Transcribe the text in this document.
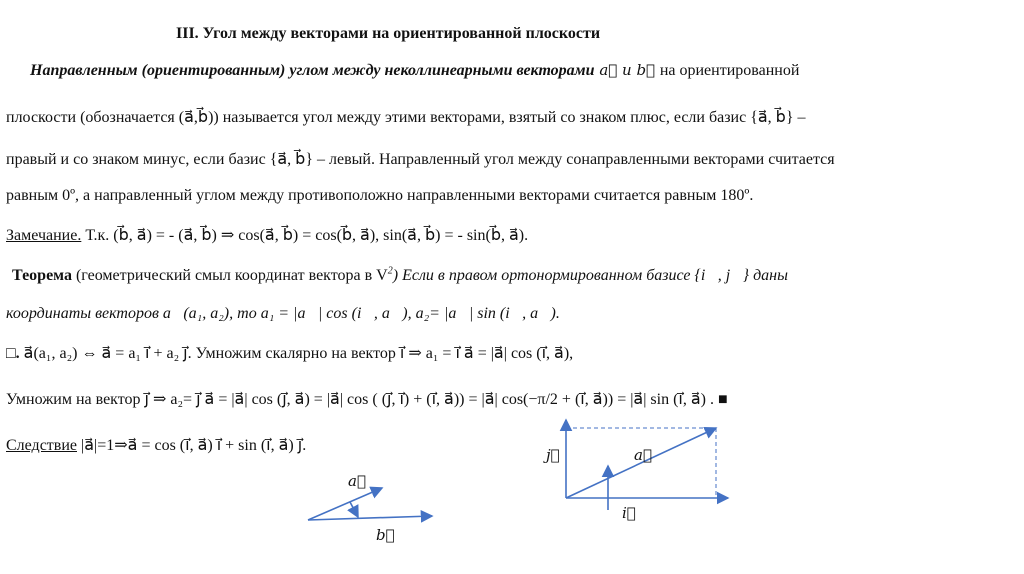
III. Угол между векторами на ориентированной плоскости
Направленным (ориентированным) углом между неколлинеарными векторами a⃗ и b⃗ на ориентированной
плоскости (обозначается (a⃗,b⃗)) называется угол между этими векторами, взятый со знаком плюс, если базис {a⃗, b⃗} –
правый и со знаком минус, если базис {a⃗, b⃗} – левый. Направленный угол между сонаправленными векторами считается
равным 0º, а направленный углом между противоположно направленными векторами считается равным 180º.
Замечание. Т.к. (b⃗, a⃗) = - (a⃗, b⃗) ⇒ cos(a⃗, b⃗) = cos(b⃗, a⃗), sin(a⃗, b⃗) = - sin(b⃗, a⃗).
Теорема (геометрический смыл координат вектора в $V^2$) Если в правом ортонормированном базисе {i⃗, j⃗} даны
координаты векторов a⃗(a₁, a₂), то a₁ = |a⃗| cos (i⃗, a⃗), a₂= |a⃗| sin (i⃗, a⃗).
□. a⃗(a₁, a₂) ⇔ a⃗ = a₁ i⃗ + a₂ j⃗. Умножим скалярно на вектор i⃗ ⇒ a₁ = i⃗ a⃗ = |a⃗| cos (i⃗, a⃗),
Умножим на вектор j⃗ ⇒ a₂= j⃗ a⃗ = |a⃗| cos (j⃗, a⃗) = |a⃗| cos ( (j⃗, i⃗) + (i⃗, a⃗)) = |a⃗| cos(−π/2 + (i⃗, a⃗)) = |a⃗| sin (i⃗, a⃗) . ■
Следствие |a⃗|=1⇒a⃗ = cos (i⃗, a⃗) i⃗ + sin (i⃗, a⃗) j⃗.
a⃗
b⃗
j⃗	a⃗
i⃗
